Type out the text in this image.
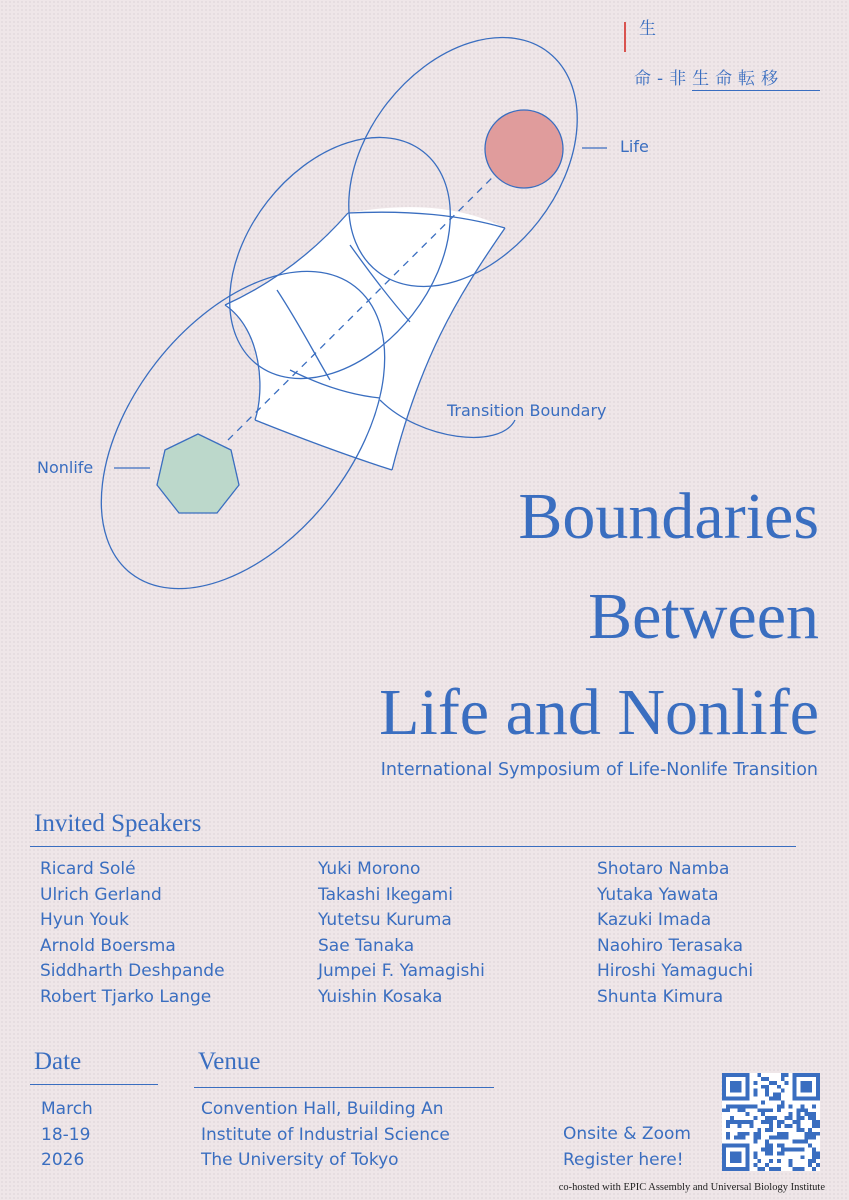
生
命-非生命転移
Life
Nonlife
Transition Boundary
Boundaries
Between
Life and Nonlife
International Symposium of Life-Nonlife Transition
Invited Speakers
Ricard Solé
Ulrich Gerland
Hyun Youk
Arnold Boersma
Siddharth Deshpande
Robert Tjarko Lange
Yuki Morono
Takashi Ikegami
Yutetsu Kuruma
Sae Tanaka
Jumpei F. Yamagishi
Yuishin Kosaka
Shotaro Namba
Yutaka Yawata
Kazuki Imada
Naohiro Terasaka
Hiroshi Yamaguchi
Shunta Kimura
Date
March
18-19
2026
Venue
Convention Hall, Building An
Institute of Industrial Science
The University of Tokyo
Onsite & Zoom
Register here!
co-hosted with EPIC Assembly and Universal Biology Institute
